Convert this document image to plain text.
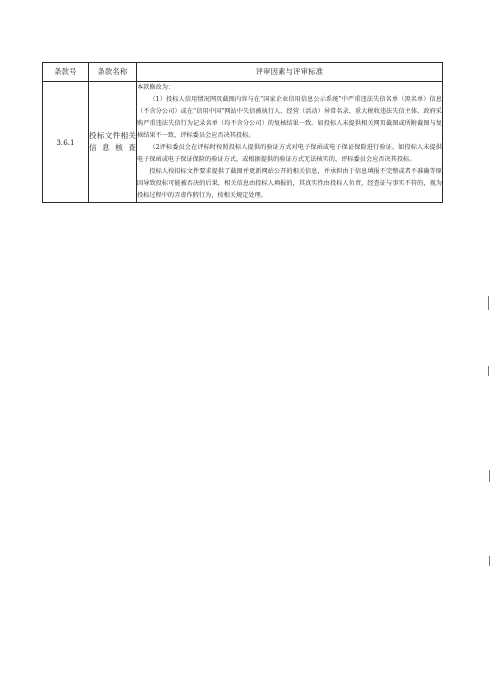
条款号	条款名称	评审因素与评审标准
3.6.1	投标文件相关信息核查	本款修改为：

（1）投标人信用情况网页截图内容与在“国家企业信用信息公示系统”中严重违法失信名单（黑名单）信息（不含分公司）或在“信用中国”网站中失信被执行人、经营（活动）异常名录、重大税收违法失信主体、政府采购严重违法失信行为记录名单（均不含分公司）的复核结果一致。如投标人未提供相关网页截图或所附截图与复核结果不一致，评标委员会应否决其投标。

（2评标委员会在评标时按照投标人提供的验证方式对电子保函或电子保证保险进行验证。如投标人未提供电子保函或电子保证保险的验证方式，或根据提供的验证方式无法核实的，评标委员会应否决其投标。

投标人按招标文件要求提供了截图并更新网站公开的相关信息，并承担由于信息填报不完整或者不准确等原因导致投标可能被否决的后果，相关信息由投标人填报的，其真实性由投标人负责，经查证与事实不符的，视为投标过程中的弄虚作假行为，按相关规定处理。
